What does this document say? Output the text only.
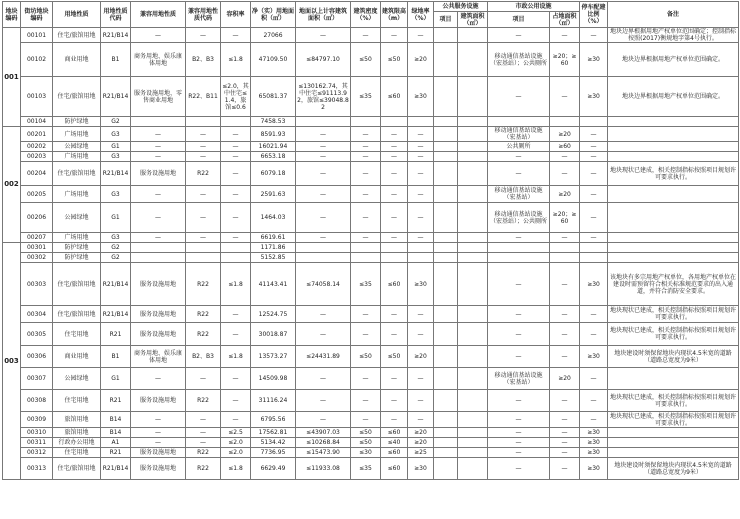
地块编码	街坊地块编码	用地性质	用地性质代码	兼容用地性质	兼容用地性质代码	容积率	净（实）用地面积（㎡）	地面以上计容建筑面积（㎡）	建筑密度（%）	建筑限高（m）	绿地率（%）	公共服务设施		市政公用设施		停车配建比例（%）	备注
												项目	建筑面积（㎡）	项目	占地面积（㎡）		
001	00101	住宅/旅馆用地	R21/B14	—	—	—	27066	—	—	—	—			—	—	—	地块边界根据用地产权单位范围确定；控制指标按照(2017)衡规地字第4号执行。
	00102	商业用地	B1	商务用地、娱乐康体用地	B2、B3	≤1.8	47109.50	≤84797.10	≤50	≤50	≥20			移动通信基站设施（宏基站）；公共厕所	≥20；≥60	≥30	地块边界根据用地产权单位范围确定。
	00103	住宅/旅馆用地	R21/B14	服务设施用地、零售商业用地	R22、B11	≤2.0，其中住宅≤1.4，旅馆≤0.6	65081.37	≤130162.74，其中住宅≤91113.92，旅馆≤39048.82	≤35	≤60	≥30			—	—	≥30	地块边界根据用地产权单位范围确定。
	00104	防护绿地	G2				7458.53										
002	00201	广场用地	G3	—	—	—	8591.93	—	—	—	—			移动通信基站设施（宏基站）	≥20	—	
	00202	公园绿地	G1	—	—	—	16021.94	—	—	—	—			公共厕所	≥60	—	
	00203	广场用地	G3	—	—	—	6653.18	—	—	—	—			—	—	—	
	00204	住宅/旅馆用地	R21/B14	服务设施用地	R22	—	6079.18	—	—	—	—			—	—	—	地块现状已建成，相关控制指标按照项目规划许可要求执行。
	00205	广场用地	G3	—	—	—	2591.63	—	—	—	—			移动通信基站设施（宏基站）	≥20	—	
	00206	公园绿地	G1	—	—	—	1464.03	—	—	—	—			移动通信基站设施（宏基站）；公共厕所	≥20；≥60	—	
	00207	广场用地	G3	—	—	—	6619.61	—	—	—	—			—	—	—	
003	00301	防护绿地	G2				1171.86										
	00302	防护绿地	G2				5152.85										
	00303	住宅/旅馆用地	R21/B14	服务设施用地	R22	≤1.8	41143.41	≤74058.14	≤35	≤60	≥30			—	—	≥30	该地块有多宗用地产权单位，各用地产权单位在建设时需预留符合相关标准规范要求的出入通道，并符合消防安全要求。
	00304	住宅/旅馆用地	R21/B14	服务设施用地	R22	—	12524.75	—	—	—	—			—	—	—	地块现状已建成，相关控制指标按照项目规划许可要求执行。
	00305	住宅用地	R21	服务设施用地	R22	—	30018.87	—	—	—	—			—	—	—	地块现状已建成，相关控制指标按照项目规划许可要求执行。
	00306	商业用地	B1	商务用地、娱乐康体用地	B2、B3	≤1.8	13573.27	≤24431.89	≤50	≤50	≥20			—	—	≥30	地块建设时须保留地块内现状4.5米宽的道路（道路总宽度为9米）
	00307	公园绿地	G1	—	—	—	14509.98	—	—	—	—			移动通信基站设施（宏基站）	≥20	—	
	00308	住宅用地	R21	服务设施用地	R22	—	31116.24	—	—	—	—			—	—	—	地块现状已建成，相关控制指标按照项目规划许可要求执行。
	00309	旅馆用地	B14	—	—	—	6795.56	—	—	—	—			—	—	—	地块现状已建成，相关控制指标按照项目规划许可要求执行。
	00310	旅馆用地	B14	—	—	≤2.5	17562.81	≤43907.03	≤50	≤60	≥20			—	—	≥30	
	00311	行政办公用地	A1	—	—	≤2.0	5134.42	≤10268.84	≤50	≤40	≥20			—	—	≥30	
	00312	住宅用地	R21	服务设施用地	R22	≤2.0	7736.95	≤15473.90	≤30	≤60	≥25			—	—	≥30	
	00313	住宅/旅馆用地	R21/B14	服务设施用地	R22	≤1.8	6629.49	≤11933.08	≤35	≤60	≥30			—	—	≥30	地块建设时须保留地块内现状4.5米宽的道路（道路总宽度为9米）
